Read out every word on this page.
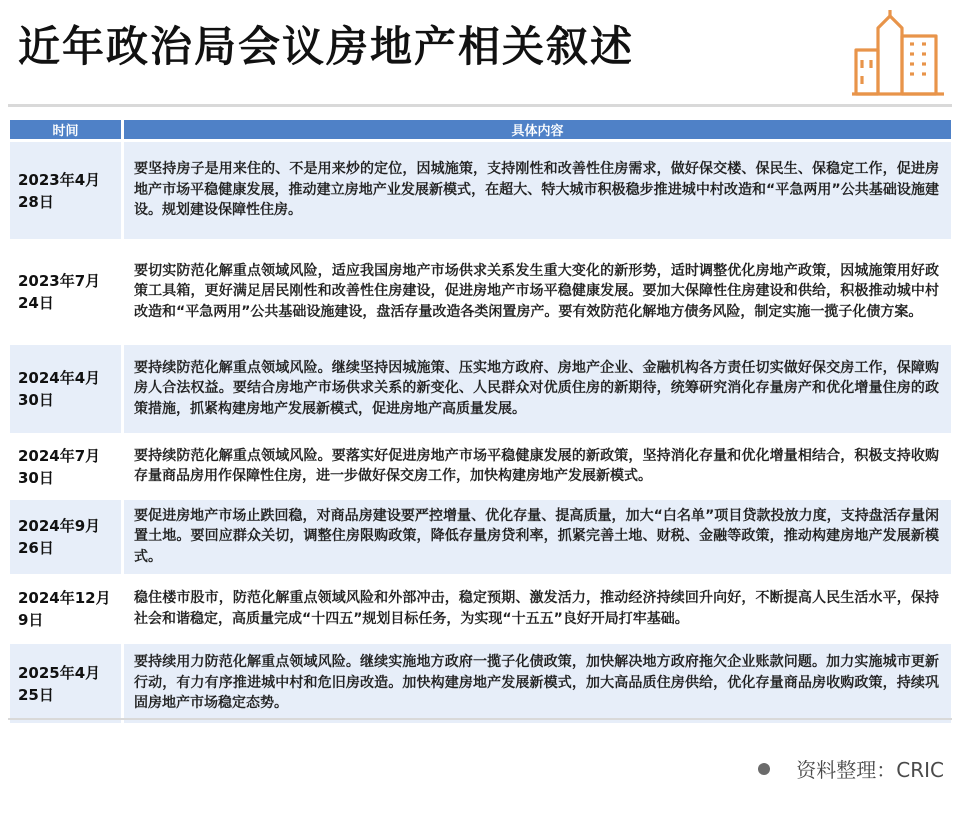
近年政治局会议房地产相关叙述
时间	具体内容
2023年4月28日	要坚持房子是用来住的、不是用来炒的定位，因城施策，支持刚性和改善性住房需求，做好保交楼、保民生、保稳定工作，促进房地产市场平稳健康发展，推动建立房地产业发展新模式，在超大、特大城市积极稳步推进城中村改造和“平急两用”公共基础设施建设。规划建设保障性住房。
2023年7月24日	要切实防范化解重点领域风险，适应我国房地产市场供求关系发生重大变化的新形势，适时调整优化房地产政策，因城施策用好政策工具箱，更好满足居民刚性和改善性住房建设，促进房地产市场平稳健康发展。要加大保障性住房建设和供给，积极推动城中村改造和“平急两用”公共基础设施建设，盘活存量改造各类闲置房产。要有效防范化解地方债务风险，制定实施一揽子化债方案。
2024年4月30日	要持续防范化解重点领域风险。继续坚持因城施策、压实地方政府、房地产企业、金融机构各方责任切实做好保交房工作，保障购房人合法权益。要结合房地产市场供求关系的新变化、人民群众对优质住房的新期待，统筹研究消化存量房产和优化增量住房的政策措施，抓紧构建房地产发展新模式，促进房地产高质量发展。
2024年7月30日	要持续防范化解重点领域风险。要落实好促进房地产市场平稳健康发展的新政策，坚持消化存量和优化增量相结合，积极支持收购存量商品房用作保障性住房，进一步做好保交房工作，加快构建房地产发展新模式。
2024年9月26日	要促进房地产市场止跌回稳，对商品房建设要严控增量、优化存量、提高质量，加大“白名单”项目贷款投放力度，支持盘活存量闲置土地。要回应群众关切，调整住房限购政策，降低存量房贷利率，抓紧完善土地、财税、金融等政策，推动构建房地产发展新模式。
2024年12月9日	稳住楼市股市，防范化解重点领域风险和外部冲击，稳定预期、激发活力，推动经济持续回升向好，不断提高人民生活水平，保持社会和谐稳定，高质量完成“十四五”规划目标任务，为实现“十五五”良好开局打牢基础。
2025年4月25日	要持续用力防范化解重点领域风险。继续实施地方政府一揽子化债政策，加快解决地方政府拖欠企业账款问题。加力实施城市更新行动，有力有序推进城中村和危旧房改造。加快构建房地产发展新模式，加大高品质住房供给，优化存量商品房收购政策，持续巩固房地产市场稳定态势。
资料整理：CRIC
